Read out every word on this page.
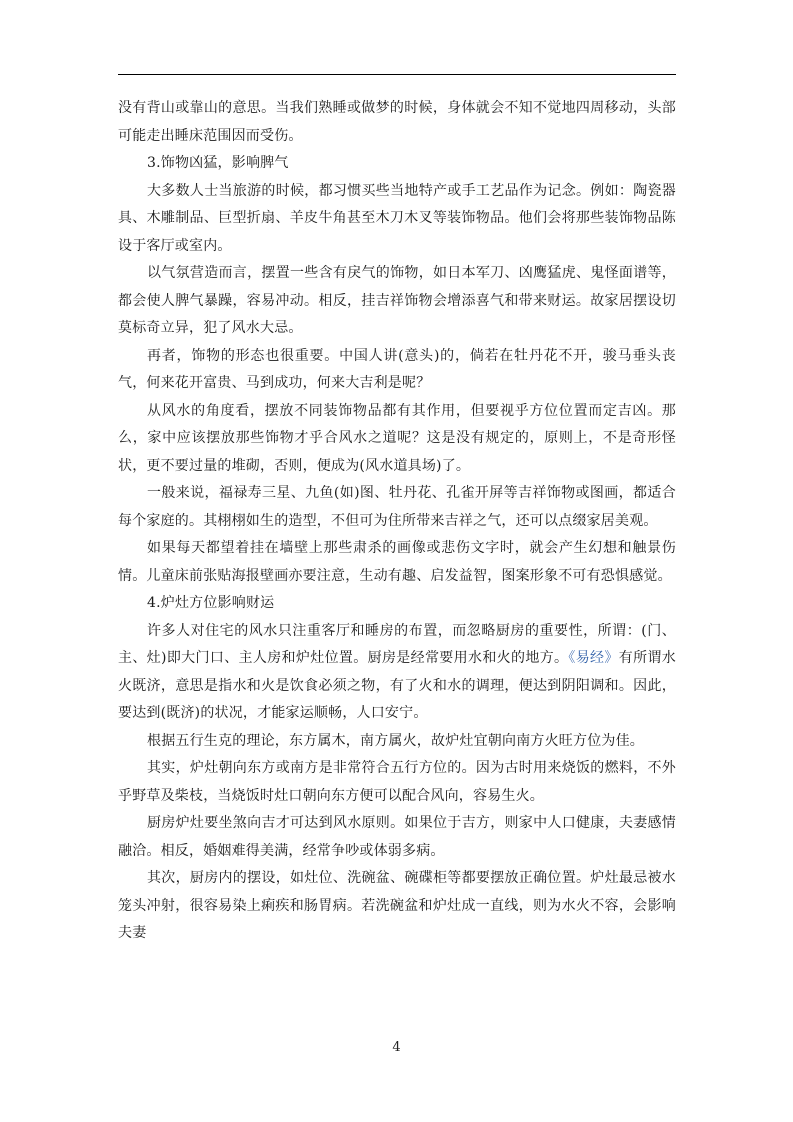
没有背山或靠山的意思。当我们熟睡或做梦的时候，身体就会不知不觉地四周移动，头部可能走出睡床范围因而受伤。

3.饰物凶猛，影响脾气

大多数人士当旅游的时候，都习惯买些当地特产或手工艺品作为记念。例如：陶瓷器具、木雕制品、巨型折扇、羊皮牛角甚至木刀木叉等装饰物品。他们会将那些装饰物品陈设于客厅或室内。

以气氛营造而言，摆置一些含有戾气的饰物，如日本军刀、凶鹰猛虎、鬼怪面谱等，都会使人脾气暴躁，容易冲动。相反，挂吉祥饰物会增添喜气和带来财运。故家居摆设切莫标奇立异，犯了风水大忌。

再者，饰物的形态也很重要。中国人讲(意头)的，倘若在牡丹花不开，骏马垂头丧气，何来花开富贵、马到成功，何来大吉利是呢？

从风水的角度看，摆放不同装饰物品都有其作用，但要视乎方位位置而定吉凶。那么，家中应该摆放那些饰物才乎合风水之道呢？这是没有规定的，原则上，不是奇形怪状，更不要过量的堆砌，否则，便成为(风水道具场)了。

一般来说，福禄寿三星、九鱼(如)图、牡丹花、孔雀开屏等吉祥饰物或图画，都适合每个家庭的。其栩栩如生的造型，不但可为住所带来吉祥之气，还可以点缀家居美观。

如果每天都望着挂在墙壁上那些肃杀的画像或悲伤文字时，就会产生幻想和触景伤情。儿童床前张贴海报壁画亦要注意，生动有趣、启发益智，图案形象不可有恐惧感觉。

4.炉灶方位影响财运

许多人对住宅的风水只注重客厅和睡房的布置，而忽略厨房的重要性，所谓：(门、主、灶)即大门口、主人房和炉灶位置。厨房是经常要用水和火的地方。《易经》有所谓水火既济，意思是指水和火是饮食必须之物，有了火和水的调理，便达到阴阳调和。因此，要达到(既济)的状况，才能家运顺畅，人口安宁。

根据五行生克的理论，东方属木，南方属火，故炉灶宜朝向南方火旺方位为佳。

其实，炉灶朝向东方或南方是非常符合五行方位的。因为古时用来烧饭的燃料，不外乎野草及柴枝，当烧饭时灶口朝向东方便可以配合风向，容易生火。

厨房炉灶要坐煞向吉才可达到风水原则。如果位于吉方，则家中人口健康，夫妻感情融洽。相反，婚姻难得美满，经常争吵或体弱多病。

其次，厨房内的摆设，如灶位、洗碗盆、碗碟柜等都要摆放正确位置。炉灶最忌被水笼头冲射，很容易染上痢疾和肠胃病。若洗碗盆和炉灶成一直线，则为水火不容，会影响夫妻

4
